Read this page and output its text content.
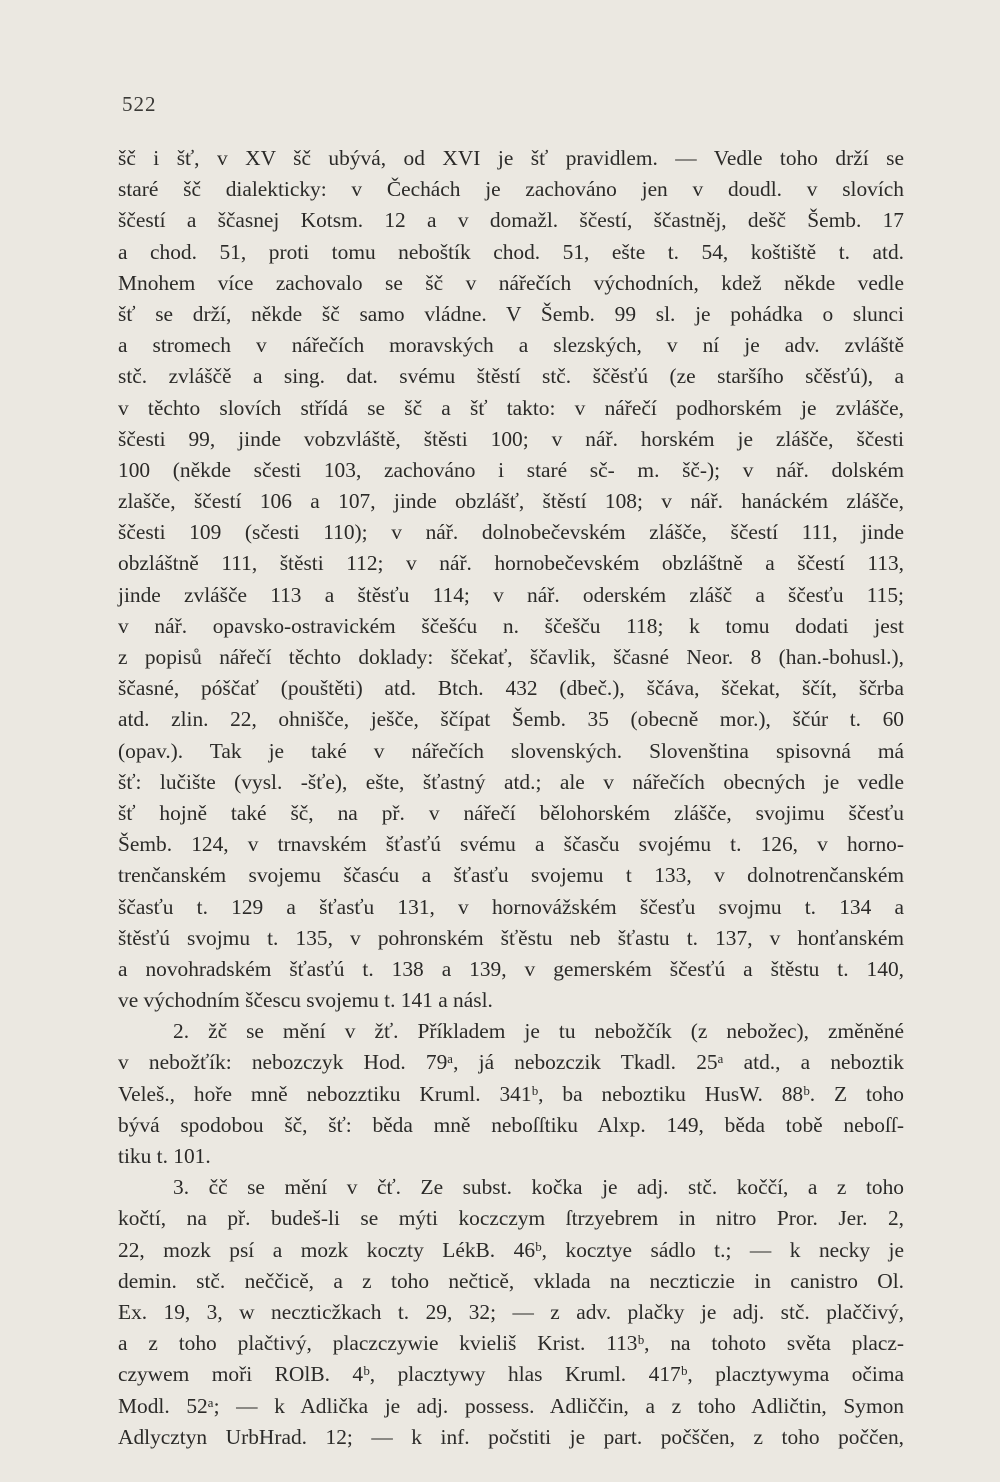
522
šč i šť, v XV šč ubývá, od XVI je šť pravidlem. — Vedle toho drží se
staré šč dialekticky: v Čechách je zachováno jen v doudl. v slovích
ščestí a ščasnej Kotsm. 12 a v domažl. ščestí, ščastněj, dešč Šemb. 17
a chod. 51, proti tomu neboštík chod. 51, ešte t. 54, koštiště t. atd.
Mnohem více zachovalo se šč v nářečích východních, kdež někde vedle
šť se drží, někde šč samo vládne. V Šemb. 99 sl. je pohádka o slunci
a stromech v nářečích moravských a slezských, v ní je adv. zvláště
stč. zvláščě a sing. dat. svému štěstí stč. ščěsťú (ze staršího sčěsťú), a
v těchto slovích střídá se šč a šť takto: v nářečí podhorském je zvlášče,
ščesti 99, jinde vobzvláště, štěsti 100; v nář. horském je zlášče, ščesti
100 (někde sčesti 103, zachováno i staré sč- m. šč-); v nář. dolském
zlašče, ščestí 106 a 107, jinde obzlášť, štěstí 108; v nář. hanáckém zlášče,
ščesti 109 (sčesti 110); v nář. dolnobečevském zlášče, ščestí 111, jinde
obzláštně 111, štěsti 112; v nář. hornobečevském obzláštně a ščestí 113,
jinde zvlášče 113 a štěsťu 114; v nář. oderském zlášč a ščesťu 115;
v nář. opavsko-ostravickém ščešću n. ščešču 118; k tomu dodati jest
z popisů nářečí těchto doklady: ščekať, ščavlik, ščasné Neor. 8 (han.-bohusl.),
ščasné, póščať (pouštěti) atd. Btch. 432 (dbeč.), ščáva, ščekat, ščít, ščrba
atd. zlin. 22, ohnišče, ješče, ščípat Šemb. 35 (obecně mor.), ščúr t. 60
(opav.). Tak je také v nářečích slovenských. Slovenština spisovná má
šť: lučište (vysl. -šťe), ešte, šťastný atd.; ale v nářečích obecných je vedle
šť hojně také šč, na př. v nářečí bělohorském zlášče, svojimu ščesťu
Šemb. 124, v trnavském šťasťú svému a ščasču svojému t. 126, v horno-
trenčanském svojemu ščasću a šťasťu svojemu t 133, v dolnotrenčanském
ščasťu t. 129 a šťasťu 131, v hornovážském ščesťu svojmu t. 134 a
štěsťú svojmu t. 135, v pohronském šťěstu neb šťastu t. 137, v honťanském
a novohradském šťasťú t. 138 a 139, v gemerském ščesťú a štěstu t. 140,
ve východním ščescu svojemu t. 141 a násl.
2. žč se mění v žť. Příkladem je tu nebožčík (z nebožec), změněné
v nebožťík: nebozczyk Hod. 79ᵃ, já nebozczik Tkadl. 25ᵃ atd., a neboztik
Veleš., hoře mně nebozztiku Kruml. 341ᵇ, ba neboztiku HusW. 88ᵇ. Z toho
bývá spodobou šč, šť: běda mně neboſſtiku Alxp. 149, běda tobě neboſſ-
tiku t. 101.
3. čč se mění v čť. Ze subst. kočka je adj. stč. koččí, a z toho
kočtí, na př. budeš-li se mýti koczczym ſtrzyebrem in nitro Pror. Jer. 2,
22, mozk psí a mozk koczty LékB. 46ᵇ, kocztye sádlo t.; — k necky je
demin. stč. neččicě, a z toho nečticě, vklada na neczticzie in canistro Ol.
Ex. 19, 3, w neczticžkach t. 29, 32; — z adv. plačky je adj. stč. plaččivý,
a z toho plačtivý, placzczywie kvieliš Krist. 113ᵇ, na tohoto světa placz-
czywem moři ROlB. 4ᵇ, placztywy hlas Kruml. 417ᵇ, placztywyma očima
Modl. 52ᵃ; — k Adlička je adj. possess. Adliččin, a z toho Adličtin, Symon
Adlycztyn UrbHrad. 12; — k inf. počstiti je part. počščen, z toho poččen,
